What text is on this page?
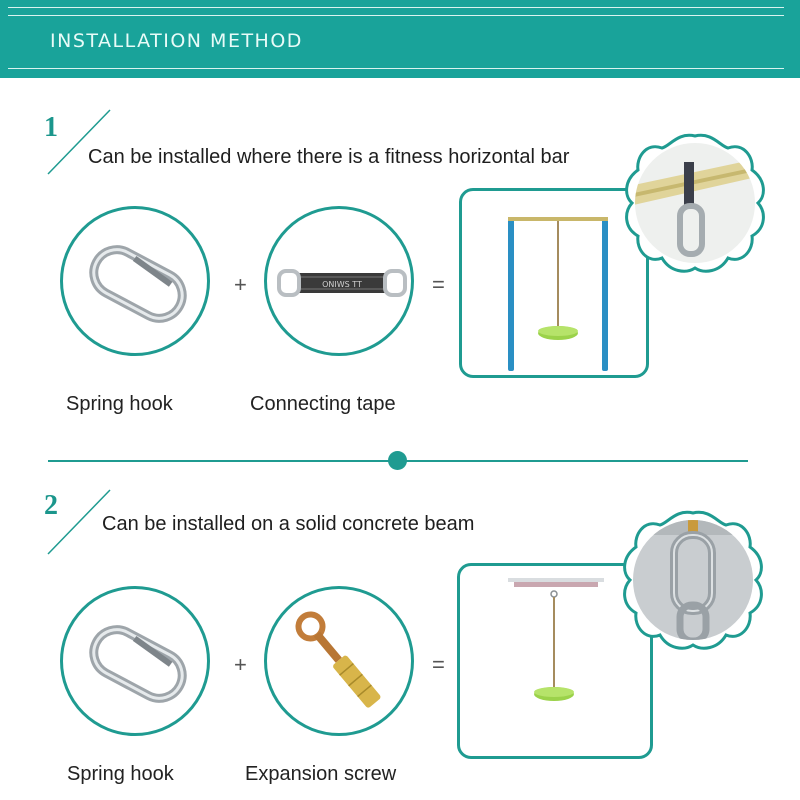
INSTALLATION METHOD
1
Can be installed where there is a fitness horizontal bar
+	ONIWS TT	=
Spring hook	Connecting tape
2
Can be installed on a solid concrete beam
+	=
Spring hook	Expansion screw
